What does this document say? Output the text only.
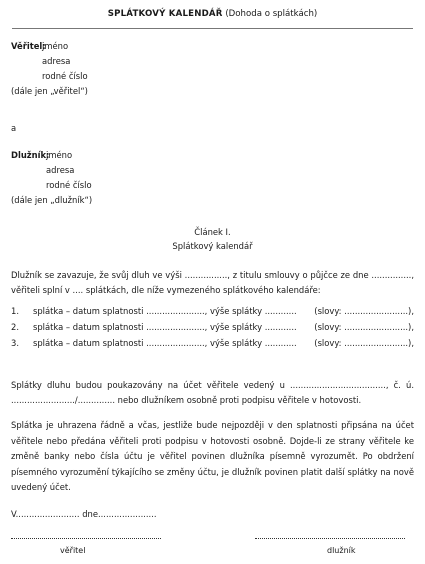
SPLÁTKOVÝ KALENDÁŘ (Dohoda o splátkách)
Věřitel:jméno
adresa
rodné číslo
(dále jen „věřitel“)
a
Dlužník:jméno
adresa
rodné číslo
(dále jen „dlužník“)
Článek I.
Splátkový kalendář
Dlužník se zavazuje, že svůj dluh ve výši ................, z titulu smlouvy o půjčce ze dne ..............., věřiteli splní v .... splátkách, dle níže vymezeného splátkového kalendáře:
1. splátka – datum splatnosti ......................, výše splátky ............ (slovy: ........................),
2. splátka – datum splatnosti ......................, výše splátky ............ (slovy: ........................),
3. splátka – datum splatnosti ......................, výše splátky ............ (slovy: ........................),
Splátky dluhu budou poukazovány na účet věřitele vedený u ...................................., č. ú. ......................../.............. nebo dlužníkem osobně proti podpisu věřitele v hotovosti.
Splátka je uhrazena řádně a včas, jestliže bude nejpozději v den splatnosti připsána na účet věřitele nebo předána věřiteli proti podpisu v hotovosti osobně. Dojde-li ze strany věřitele ke změně banky nebo čísla účtu je věřitel povinen dlužníka písemně vyrozumět. Po obdržení písemného vyrozumění týkajícího se změny účtu, je dlužník povinen platit další splátky na nově uvedený účet.
V........................ dne......................
věřitel	dlužník
